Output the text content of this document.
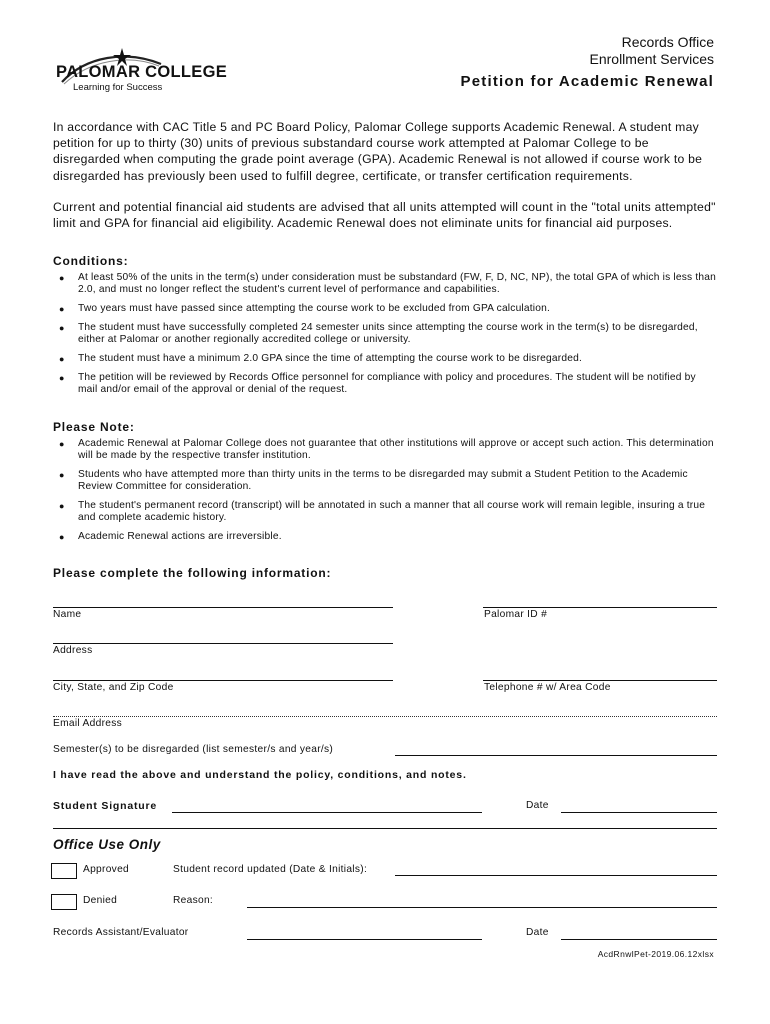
PALOMAR COLLEGE
Learning for Success
Records Office
Enrollment Services
Petition for Academic Renewal

In accordance with CAC Title 5 and PC Board Policy, Palomar College supports Academic Renewal. A student may petition for up to thirty (30) units of previous substandard course work attempted at Palomar College to be disregarded when computing the grade point average (GPA). Academic Renewal is not allowed if course work to be disregarded has previously been used to fulfill degree, certificate, or transfer certification requirements.

Current and potential financial aid students are advised that all units attempted will count in the "total units attempted" limit and GPA for financial aid eligibility. Academic Renewal does not eliminate units for financial aid purposes.

Conditions:
● At least 50% of the units in the term(s) under consideration must be substandard (FW, F, D, NC, NP), the total GPA of which is less than 2.0, and must no longer reflect the student's current level of performance and capabilities.
● Two years must have passed since attempting the course work to be excluded from GPA calculation.
● The student must have successfully completed 24 semester units since attempting the course work in the term(s) to be disregarded, either at Palomar or another regionally accredited college or university.
● The student must have a minimum 2.0 GPA since the time of attempting the course work to be disregarded.
● The petition will be reviewed by Records Office personnel for compliance with policy and procedures. The student will be notified by mail and/or email of the approval or denial of the request.
Please Note:
● Academic Renewal at Palomar College does not guarantee that other institutions will approve or accept such action. This determination will be made by the respective transfer institution.
● Students who have attempted more than thirty units in the terms to be disregarded may submit a Student Petition to the Academic Review Committee for consideration.
● The student's permanent record (transcript) will be annotated in such a manner that all course work will remain legible, insuring a true and complete academic history.
● Academic Renewal actions are irreversible.
Please complete the following information:
Name	Palomar ID #
Address
City, State, and Zip Code	Telephone # w/ Area Code
Email Address
Semester(s) to be disregarded (list semester/s and year/s)
I have read the above and understand the policy, conditions, and notes.
Student Signature	Date
Office Use Only
Approved	Student record updated (Date & Initials):
Denied	Reason:
Records Assistant/Evaluator	Date
AcdRnwlPet-2019.06.12xlsx
